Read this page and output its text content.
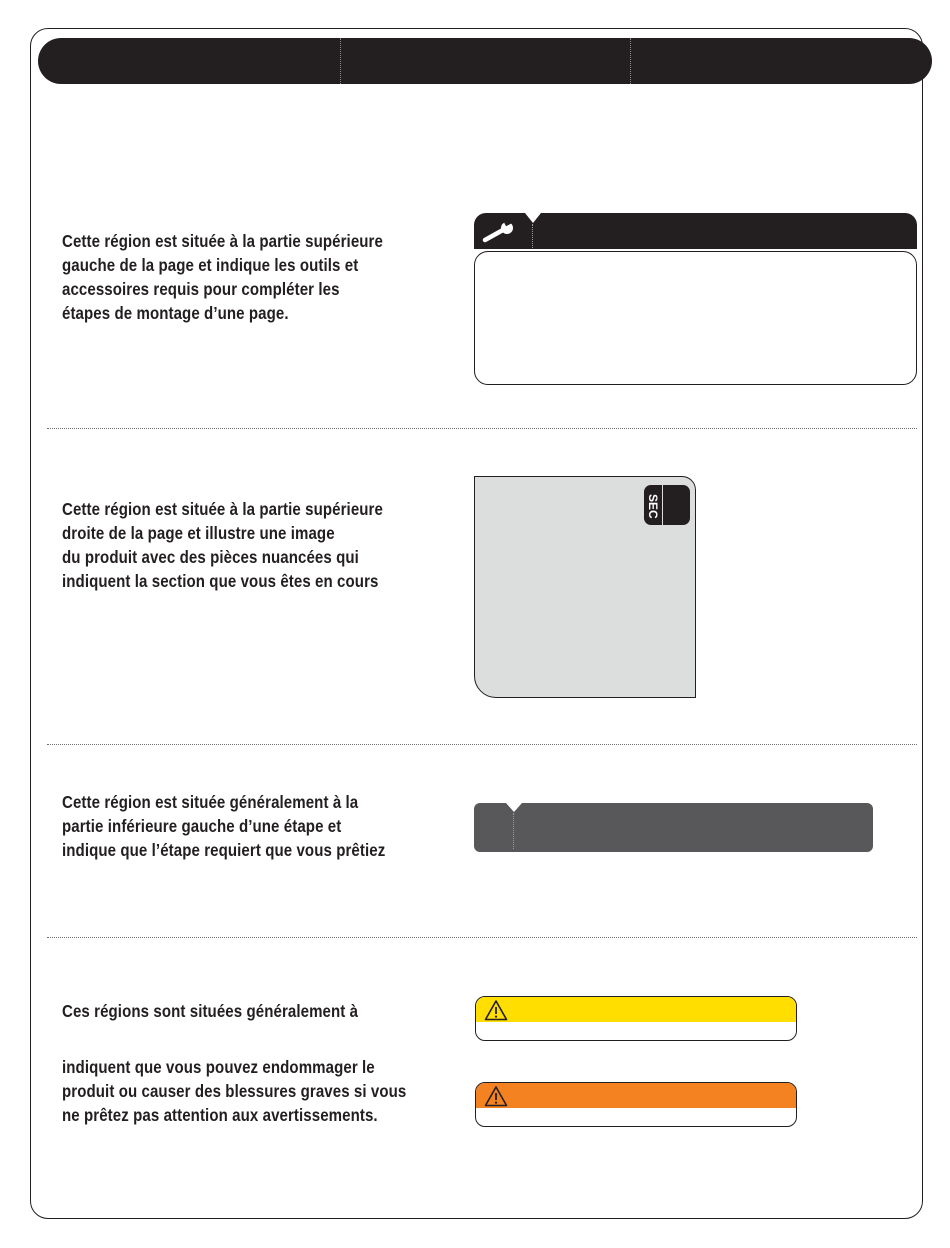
Cette région est située à la partie supérieure
gauche de la page et indique les outils et
accessoires requis pour compléter les
étapes de montage d’une page.
Cette région est située à la partie supérieure
droite de la page et illustre une image
du produit avec des pièces nuancées qui
indiquent la section que vous êtes en cours
SEC
Cette région est située généralement à la
partie inférieure gauche d’une étape et
indique que l’étape requiert que vous prêtiez
Ces régions sont situées généralement à
indiquent que vous pouvez endommager le
produit ou causer des blessures graves si vous
ne prêtez pas attention aux avertissements.
